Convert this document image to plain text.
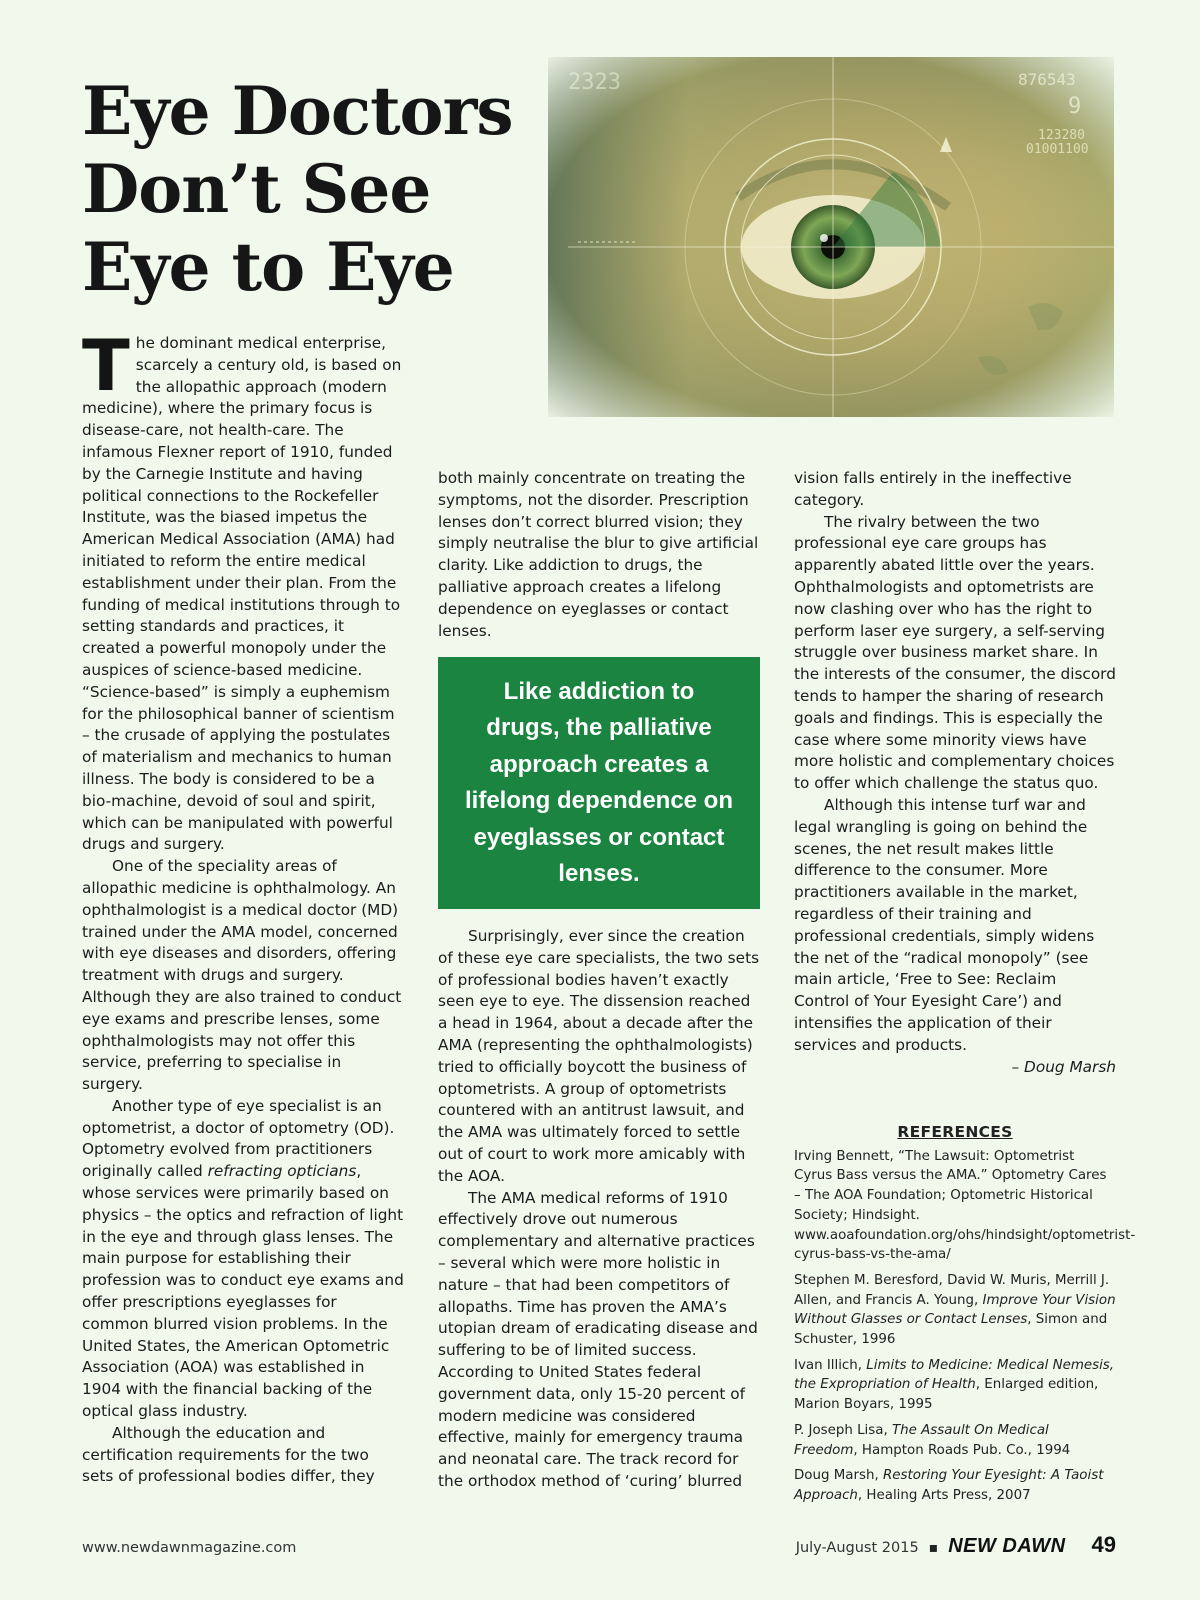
Eye Doctors
Don’t See
Eye to Eye

The dominant medical enterprise, scarcely a century old, is based on the allopathic approach (modern medicine), where the primary focus is disease-care, not health-care. The infamous Flexner report of 1910, funded by the Carnegie Institute and having political connections to the Rockefeller Institute, was the biased impetus the American Medical Association (AMA) had initiated to reform the entire medical establishment under their plan. From the funding of medical institutions through to setting standards and practices, it created a powerful monopoly under the auspices of science-based medicine. “Science-based” is simply a euphemism for the philosophical banner of scientism – the crusade of applying the postulates of materialism and mechanics to human illness. The body is considered to be a bio-machine, devoid of soul and spirit, which can be manipulated with powerful drugs and surgery.

One of the speciality areas of allopathic medicine is ophthalmology. An ophthalmologist is a medical doctor (MD) trained under the AMA model, concerned with eye diseases and disorders, offering treatment with drugs and surgery. Although they are also trained to conduct eye exams and prescribe lenses, some ophthalmologists may not offer this service, preferring to specialise in surgery.

Another type of eye specialist is an optometrist, a doctor of optometry (OD). Optometry evolved from practitioners originally called refracting opticians, whose services were primarily based on physics – the optics and refraction of light in the eye and through glass lenses. The main purpose for establishing their profession was to conduct eye exams and offer prescriptions eyeglasses for common blurred vision problems. In the United States, the American Optometric Association (AOA) was established in 1904 with the financial backing of the optical glass industry.

Although the education and certification requirements for the two sets of professional bodies differ, they

both mainly concentrate on treating the symptoms, not the disorder. Prescription lenses don’t correct blurred vision; they simply neutralise the blur to give artificial clarity. Like addiction to drugs, the palliative approach creates a lifelong dependence on eyeglasses or contact lenses.

Like addiction to drugs, the palliative approach creates a lifelong dependence on eyeglasses or contact lenses.

Surprisingly, ever since the creation of these eye care specialists, the two sets of professional bodies haven’t exactly seen eye to eye. The dissension reached a head in 1964, about a decade after the AMA (representing the ophthalmologists) tried to officially boycott the business of optometrists. A group of optometrists countered with an antitrust lawsuit, and the AMA was ultimately forced to settle out of court to work more amicably with the AOA.

The AMA medical reforms of 1910 effectively drove out numerous complementary and alternative practices – several which were more holistic in nature – that had been competitors of allopaths. Time has proven the AMA’s utopian dream of eradicating disease and suffering to be of limited success. According to United States federal government data, only 15-20 percent of modern medicine was considered effective, mainly for emergency trauma and neonatal care. The track record for the orthodox method of ‘curing’ blurred

vision falls entirely in the ineffective category.

The rivalry between the two professional eye care groups has apparently abated little over the years. Ophthalmologists and optometrists are now clashing over who has the right to perform laser eye surgery, a self-serving struggle over business market share. In the interests of the consumer, the discord tends to hamper the sharing of research goals and findings. This is especially the case where some minority views have more holistic and complementary choices to offer which challenge the status quo.

Although this intense turf war and legal wrangling is going on behind the scenes, the net result makes little difference to the consumer. More practitioners available in the market, regardless of their training and professional credentials, simply widens the net of the “radical monopoly” (see main article, ‘Free to See: Reclaim Control of Your Eyesight Care’) and intensifies the application of their services and products.

– Doug Marsh

REFERENCES

Irving Bennett, “The Lawsuit: Optometrist Cyrus Bass versus the AMA.” Optometry Cares – The AOA Foundation; Optometric Historical Society; Hindsight. www.aoafoundation.org/ohs/hindsight/optometrist-cyrus-bass-vs-the-ama/

Stephen M. Beresford, David W. Muris, Merrill J. Allen, and Francis A. Young, Improve Your Vision Without Glasses or Contact Lenses, Simon and Schuster, 1996

Ivan Illich, Limits to Medicine: Medical Nemesis, the Expropriation of Health, Enlarged edition, Marion Boyars, 1995

P. Joseph Lisa, The Assault On Medical Freedom, Hampton Roads Pub. Co., 1994

Doug Marsh, Restoring Your Eyesight: A Taoist Approach, Healing Arts Press, 2007

www.newdawnmagazine.com	July-August 2015 ▪ NEW DAWN 49
